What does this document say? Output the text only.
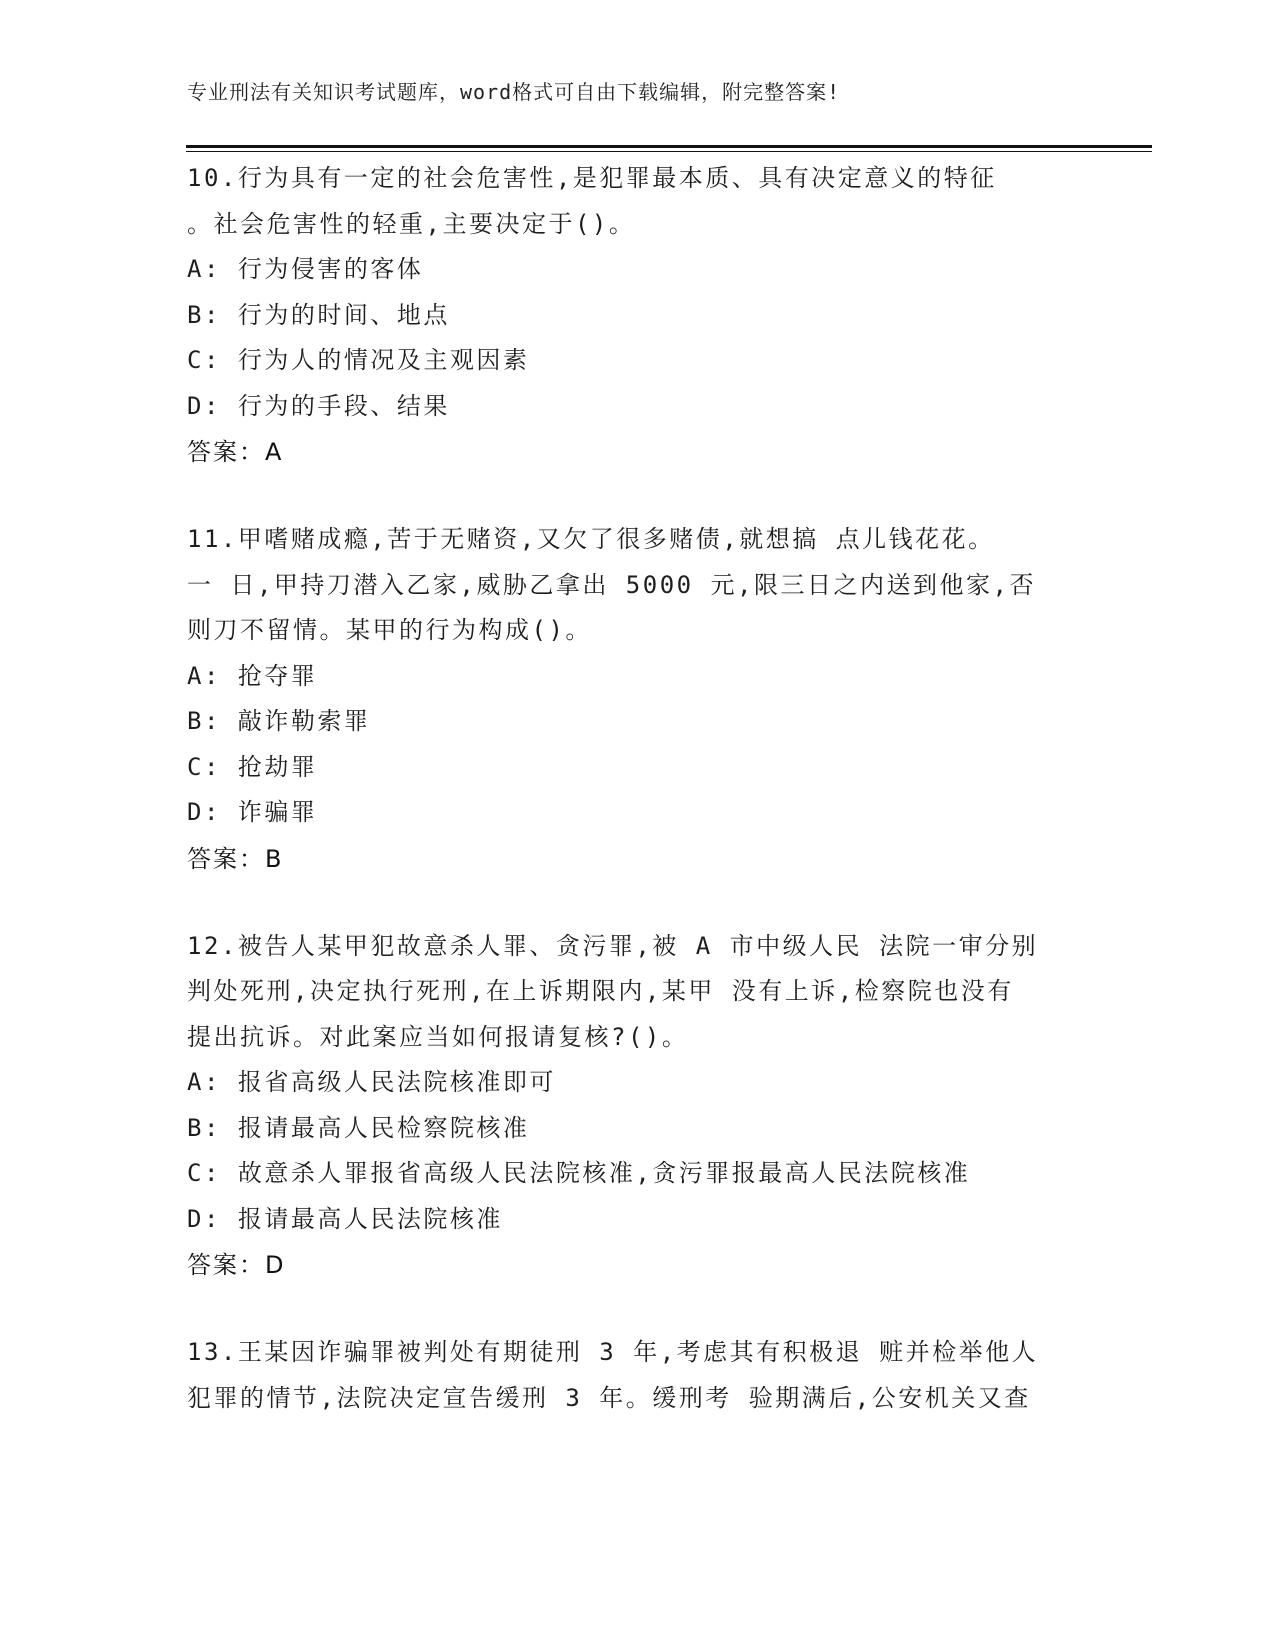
专业刑法有关知识考试题库，word格式可自由下载编辑，附完整答案!
10.行为具有一定的社会危害性,是犯罪最本质、具有决定意义的特征
。社会危害性的轻重,主要决定于()。
A: 行为侵害的客体
B: 行为的时间、地点
C: 行为人的情况及主观因素
D: 行为的手段、结果
答案：A
11.甲嗜赌成瘾,苦于无赌资,又欠了很多赌债,就想搞 点儿钱花花。
一 日,甲持刀潜入乙家,威胁乙拿出 5000 元,限三日之内送到他家,否
则刀不留情。某甲的行为构成()。
A: 抢夺罪
B: 敲诈勒索罪
C: 抢劫罪
D: 诈骗罪
答案：B
12.被告人某甲犯故意杀人罪、贪污罪,被 A 市中级人民 法院一审分别
判处死刑,决定执行死刑,在上诉期限内,某甲 没有上诉,检察院也没有
提出抗诉。对此案应当如何报请复核?()。
A: 报省高级人民法院核准即可
B: 报请最高人民检察院核准
C: 故意杀人罪报省高级人民法院核准,贪污罪报最高人民法院核准
D: 报请最高人民法院核准
答案：D
13.王某因诈骗罪被判处有期徒刑 3 年,考虑其有积极退 赃并检举他人
犯罪的情节,法院决定宣告缓刑 3 年。缓刑考 验期满后,公安机关又查
